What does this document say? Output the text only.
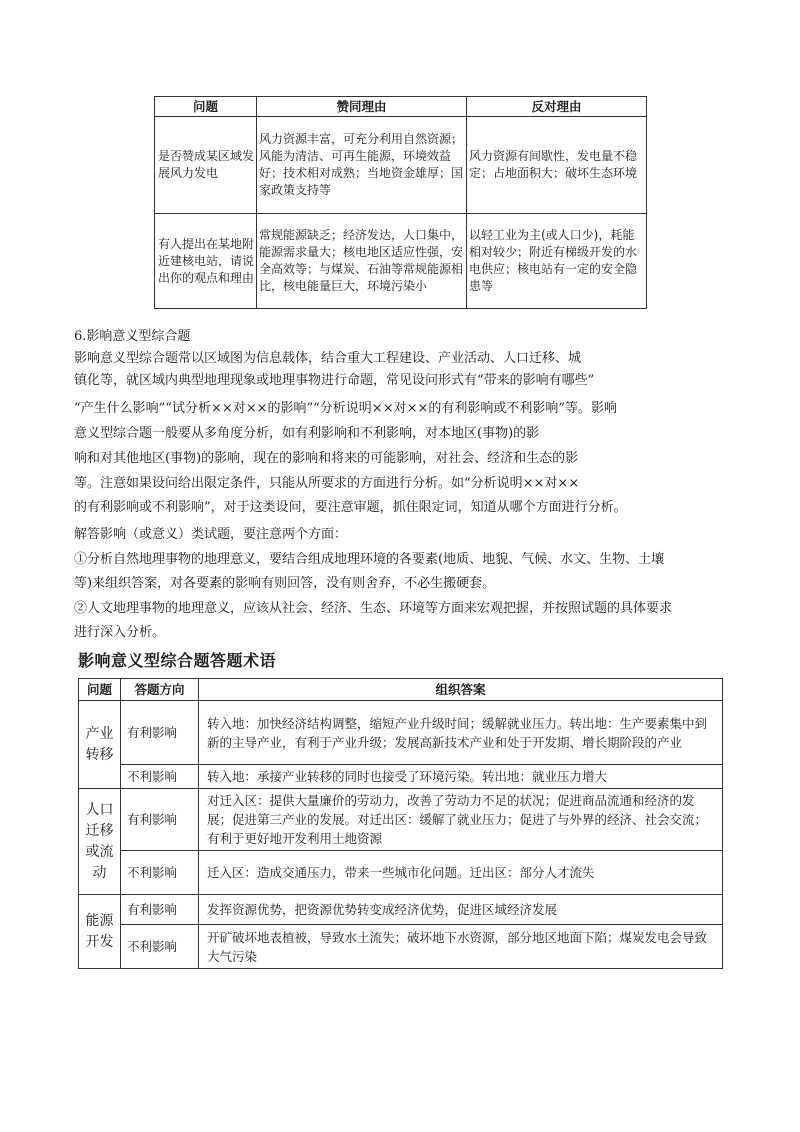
问题	赞同理由	反对理由
是否赞成某区域发展风力发电	风力资源丰富，可充分利用自然资源；风能为清洁、可再生能源，环境效益好；技术相对成熟；当地资金雄厚；国家政策支持等	风力资源有间歇性，发电量不稳定；占地面积大；破坏生态环境
有人提出在某地附近建核电站，请说出你的观点和理由	常规能源缺乏；经济发达，人口集中，能源需求量大；核电地区适应性强，安全高效等；与煤炭、石油等常规能源相比，核电能量巨大，环境污染小	以轻工业为主(或人口少)，耗能相对较少；附近有梯级开发的水电供应；核电站有一定的安全隐患等
6.影响意义型综合题
影响意义型综合题常以区域图为信息载体，结合重大工程建设、产业活动、人口迁移、城
镇化等，就区域内典型地理现象或地理事物进行命题，常见设问形式有“带来的影响有哪些”
“产生什么影响”“试分析××对××的影响”“分析说明××对××的有利影响或不利影响”等。影响
意义型综合题一般要从多角度分析，如有利影响和不利影响，对本地区(事物)的影
响和对其他地区(事物)的影响，现在的影响和将来的可能影响，对社会、经济和生态的影
等。注意如果设问给出限定条件，只能从所要求的方面进行分析。如“分析说明××对××
的有利影响或不利影响”，对于这类设问，要注意审题，抓住限定词，知道从哪个方面进行分析。
解答影响（或意义）类试题，要注意两个方面：
①分析自然地理事物的地理意义，要结合组成地理环境的各要素(地质、地貌、气候、水文、生物、土壤
等)来组织答案，对各要素的影响有则回答，没有则舍弃，不必生搬硬套。
②人文地理事物的地理意义，应该从社会、经济、生态、环境等方面来宏观把握，并按照试题的具体要求
进行深入分析。
影响意义型综合题答题术语
问题	答题方向	组织答案
产业转移	有利影响	转入地：加快经济结构调整，缩短产业升级时间；缓解就业压力。转出地：生产要素集中到新的主导产业，有利于产业升级；发展高新技术产业和处于开发期、增长期阶段的产业
	不利影响	转入地：承接产业转移的同时也接受了环境污染。转出地：就业压力增大
人口迁移或流动	有利影响	对迁入区：提供大量廉价的劳动力，改善了劳动力不足的状况；促进商品流通和经济的发展；促进第三产业的发展。对迁出区：缓解了就业压力；促进了与外界的经济、社会交流；有利于更好地开发利用土地资源
	不利影响	迁入区：造成交通压力，带来一些城市化问题。迁出区：部分人才流失
能源开发	有利影响	发挥资源优势，把资源优势转变成经济优势，促进区域经济发展
	不利影响	开矿破坏地表植被，导致水土流失；破坏地下水资源，部分地区地面下陷；煤炭发电会导致大气污染
